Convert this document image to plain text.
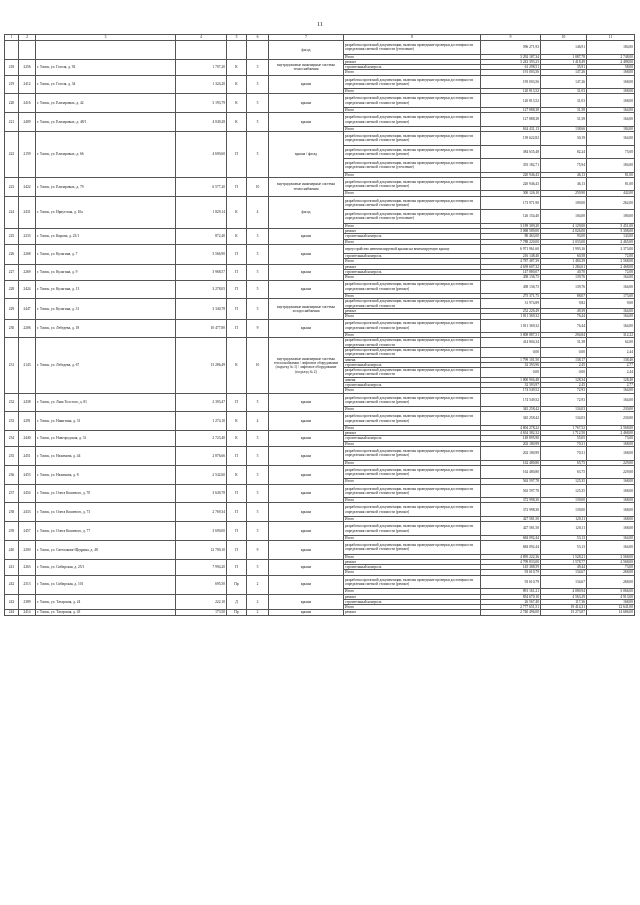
11
1	2	3	4	5	6	7	8	9	10	11
						фасад	разработка проектной документации, включая проведение проверки достоверности определения сметной стоимости (утепление)	596 271,93	146,91	184,00
							Итого	3 292 187,34	1 087,78	2 748,00
218	2256	г. Томск, ул. Гоголя, д. 92	1 707,20	К	5	внутридомовые инженерные системы теплоснабжения	ремонт	3 243 393,23	1 418,49	2 488,00
							строительный контроль	61 298,51	35,91	58,00
							Итого	191 003,56	147,26	168,00
219	2412	г. Томск, ул. Гоголя, д. 34	1 324,20	К	5	крыша	разработка проектной документации, включая проведение проверки достоверности определения сметной стоимости (ремонт)	195 003,56	147,26	168,00
							Итого	120 813,52	31,03	168,00
220	2416	г. Томск, ул. Елизаровых, д. 42	3 193,79	К	5	крыша	разработка проектной документации, включая проведение проверки достоверности определения сметной стоимости (ремонт)	120 813,52	31,03	168,00
							Итого	127 888,38	31,58	164,00
221	2409	г. Томск, ул. Елизаровых, д. 48/1	4 049,28	К	5	крыша	разработка проектной документации, включая проведение проверки достоверности определения сметной стоимости (ремонт)	127 888,38	31,58	164,00
							Итого	634 431,13	138,66	184,00
222	2159	г. Томск, ул. Елизаровых, д. 66	4 690,60	П	5	крыша / фасад	разработка проектной документации, включая проведение проверки достоверности определения сметной стоимости (ремонт)	139 622,82	30,19	164,00
							разработка проектной документации, включая проведение проверки достоверности определения сметной стоимости (ремонт)	384 635,48	82,24	75,00
							разработка проектной документации, включая проведение проверки достоверности определения сметной стоимости (утепление)	355 182,71	75,94	184,00
							Итого	220 946,43	46,13	81,00
223	2422	г. Томск, ул. Елизаровых, д. 79	6 577,20	П	10	внутридомовые инженерные системы теплоснабжения	разработка проектной документации, включая проведение проверки достоверности определения сметной стоимости (ремонт)	220 946,43	46,13	81,00
							Итого	300 126,10	259,90	442,00
224	2431	г. Томск, ул. Иркутская, д. 10а	1 829,14	К	4	фасад	разработка проектной документации, включая проведение проверки достоверности определения сметной стоимости (ремонт)	173 971,90	109,00	262,00
							разработка проектной документации, включая проведение проверки достоверности определения сметной стоимости (утепление)	126 154,40	104,00	180,00
							Итого	3 189 309,20	4 129,00	5 451,00
225	2233	г. Томск, ул. Кирова, д. 23/1	872,40	К	3	крыша	ремонт	3 068 589,00	4 026,00	5 308,00
							строительный контроль	80 463,00	93,00	143,00
							Итого	7 788 220,00	2 033,00	2 465,00
226	2268	г. Томск, ул. Кулагина, д. 7	3 566,90	П	5	крыша	переустройство невентилируемой крыши на вентилируемую крышу	6 971 961,60	1 993,16	2 373,00
							строительный контроль	216 148,40	60,58	72,00
							Итого	4 787 487,39	1 484,39	2 568,00
227	2269	г. Томск, ул. Кулагина, д. 9	3 968,57	П	5	крыша	ремонт	4 639 607,32	1 284,61	2 468,00
							строительный контроль	147 880,07	40,70	72,00
							Итого	458 136,75	139,76	164,00
228	2424	г. Томск, ул. Кулагина, д. 13	3 278,05	П	5	крыша	разработка проектной документации, включая проведение проверки достоверности определения сметной стоимости (ремонт)	458 136,75	139,76	164,00
							Итого	275 371,75	88,07	173,00
229	2447	г. Томск, ул. Кулагина, д. 31	3 340,78	П	5	внутридомовые инженерные системы холодоснабжения	разработка проектной документации, включая проведение проверки достоверности определения сметной стоимости	31 974,89	9,82	9,00
							ремонт	252 226,49	49,39	164,00
							Итого	1 811 369,32	76,44	164,00
230	2206	г. Томск, ул. Лебедева, д. 18	10 477,80	П	9	крыша	разработка проектной документации, включая проведение проверки достоверности определения сметной стоимости (ремонт)	1 811 369,32	76,44	164,00
							Итого	3 808 887,51	294,84	312,22
231	2143	г. Томск, ул. Лебедева, д. 67	13 286,49	К	10	внутридомовые инженерные системы теплоснабжения / лифтовое оборудование (подъезд № 1) / лифтовое оборудование (подъезд № 2)	разработка проектной документации, включая проведение проверки достоверности определения сметной стоимости	414 804,34	31,38	62,00
							разработка проектной документации, включая проведение проверки достоверности определения сметной стоимости	0,00	0,00	2,44
							замена	1 799 101,50	138,17	138,40
							строительный контроль	32 393,96	2,45	2,77
							разработка проектной документации, включая проведение проверки достоверности определения сметной стоимости	0,00	0,00	2,44
							замена	1 800 904,48	128,34	128,40
							строительный контроль	32 393,97	2,45	2,77
							Итого	174 549,52	72,93	164,00
232	2438	г. Томск, ул. Льва Толстого, д. 81	2 393,47	П	5	крыша	разработка проектной документации, включая проведение проверки достоверности определения сметной стоимости (ремонт)	174 549,52	72,93	164,00
							Итого	345 258,42	134,03	230,00
233	2291	г. Томск, ул. Никитина, д. 31	1 274,10	К	4	крыша	разработка проектной документации, включая проведение проверки достоверности определения сметной стоимости (ремонт)	345 258,42	134,03	230,00
							Итого	4 804 278,22	1 767,52	2 568,00
234	2440	г. Томск, ул. Новгородская, д. 31	2 723,40	К	5	крыша	ремонт	4 654 382,32	1 712,50	2 468,00
							строительный контроль	149 895,90	55,05	73,00
							Итого	202 180,99	70,31	168,00
235	2451	г. Томск, ул. Нахимова, д. 44	2 876,66	П	5	крыша	разработка проектной документации, включая проведение проверки достоверности определения сметной стоимости (ремонт)	202 180,99	70,31	168,00
							Итого	162 480,80	65,75	229,00
236	2453	г. Томск, ул. Нахимова, д. 8	2 542,60	К	5	крыша	разработка проектной документации, включая проведение проверки достоверности определения сметной стоимости (ремонт)	162 480,80	63,75	229,00
							Итого	563 597,78	125,35	168,00
237	2454	г. Томск, ул. Олега Кошевого, д. 70	3 649,78	П	5	крыша	разработка проектной документации, включая проведение проверки достоверности определения сметной стоимости (ремонт)	563 597,78	125,35	168,00
							Итого	372 998,30	139,00	168,00
238	2433	г. Томск, ул. Олега Кошевого, д. 73	2 769,34	П	5	крыша	разработка проектной документации, включая проведение проверки достоверности определения сметной стоимости (ремонт)	372 998,30	139,00	168,00
							Итого	427 581,50	120,11	168,00
239	2457	г. Томск, ул. Олега Кошевого, д. 77	3 690,00	П	5	крыша	разработка проектной документации, включая проведение проверки достоверности определения сметной стоимости (ремонт)	427 581,50	120,11	168,00
							Итого	684 092,44	53,13	164,00
240	2200	г. Томск, ул. Светлакова-Щедрина, д. 48	12 700,10	П	9	крыша	разработка проектной документации, включая проведение проверки достоверности определения сметной стоимости (ремонт)	684 092,44	53,13	164,00
							Итого	4 895 222,36	1 528,21	2 568,00
241	2263	г. Томск, ул. Сибирская, д. 25/1	7 994,20	П	5	крыша	ремонт	4 799 833,00	1 578,77	2 568,00
							строительный контроль	145 388,59	49,44	73,00
							Итого	93 610,79	134,67	268,00
242	2313	г. Томск, ул. Сибирская, д. 101	695,50	Пр	2	крыша	разработка проектной документации, включая проведение проверки достоверности определения сметной стоимости (ремонт)	93 610,79	134,67	268,00
							Итого	891 161,21	4 080,94	5 066,00
243	2389	г. Томск, ул. Татарская, д. 24	222,10	Д	2	крыша	ремонт	854 670,10	4 563,29	4 913,00
							строительный контроль	26 567,40	117,36	168,00
							Итого	2 777 651,51	19 414,31	12 641,00
244	2414	г. Томск, ул. Татарская, д. 43	173,50	Пр	2	крыша	ремонт	2 740 496,00	15 273,87	14 686,00
